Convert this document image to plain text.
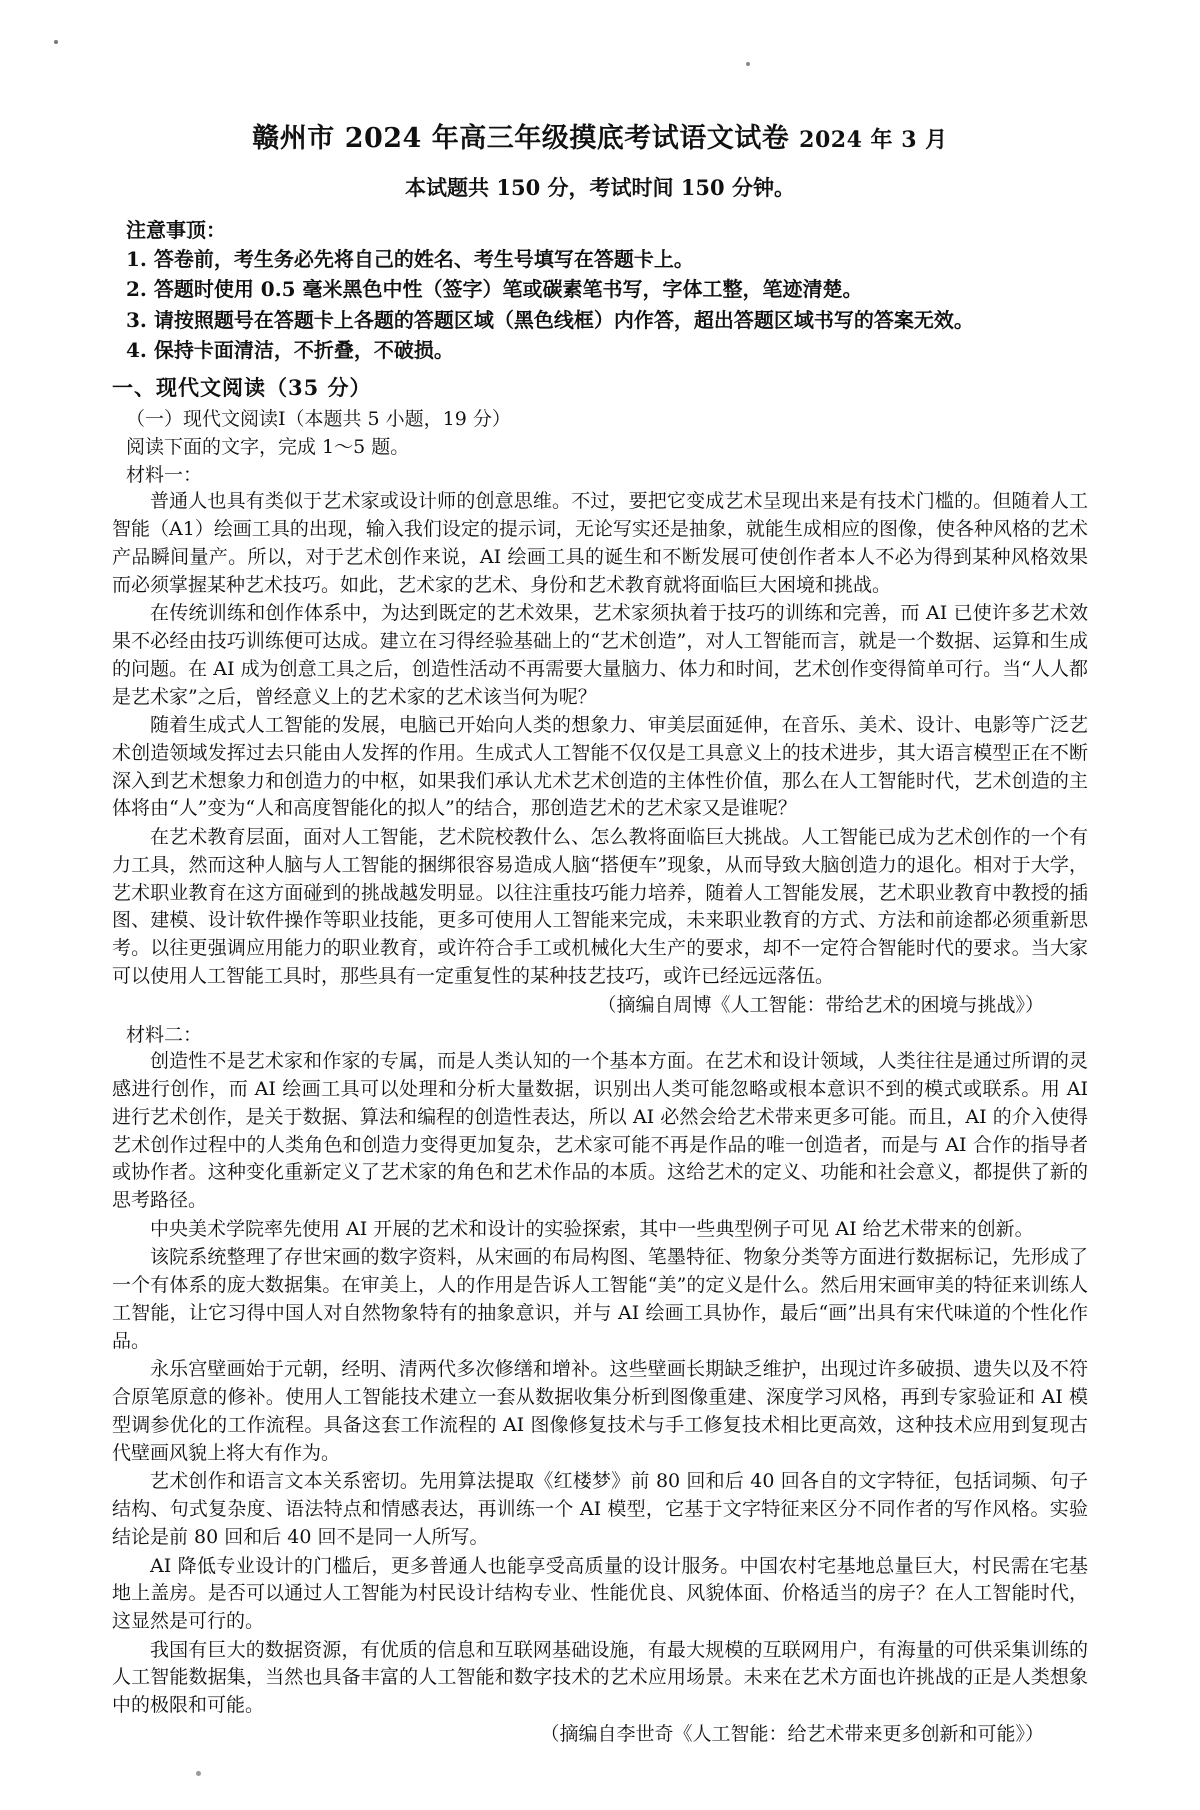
赣州市 2024 年高三年级摸底考试语文试卷 2024 年 3 月
本试题共 150 分，考试时间 150 分钟。
注意事顶：
1. 答卷前，考生务必先将自己的姓名、考生号填写在答题卡上。
2. 答题时使用 0.5 毫米黑色中性（签字）笔或碳素笔书写，字体工整，笔迹清楚。
3. 请按照题号在答题卡上各题的答题区域（黑色线框）内作答，超出答题区域书写的答案无效。
4. 保持卡面清洁，不折叠，不破损。
一、现代文阅读（35 分）
（一）现代文阅读Ⅰ（本题共 5 小题，19 分）
阅读下面的文字，完成 1～5 题。
材料一：

普通人也具有类似于艺术家或设计师的创意思维。不过，要把它变成艺术呈现出来是有技术门槛的。但随着人工智能（A1）绘画工具的出现，输入我们设定的提示词，无论写实还是抽象，就能生成相应的图像，使各种风格的艺术产品瞬间量产。所以，对于艺术创作来说，AI 绘画工具的诞生和不断发展可使创作者本人不必为得到某种风格效果而必须掌握某种艺术技巧。如此，艺术家的艺术、身份和艺术教育就将面临巨大困境和挑战。

在传统训练和创作体系中，为达到既定的艺术效果，艺术家须执着于技巧的训练和完善，而 AI 已使许多艺术效果不必经由技巧训练便可达成。建立在习得经验基础上的“艺术创造”，对人工智能而言，就是一个数据、运算和生成的问题。在 AI 成为创意工具之后，创造性活动不再需要大量脑力、体力和时间，艺术创作变得简单可行。当“人人都是艺术家”之后，曾经意义上的艺术家的艺术该当何为呢？

随着生成式人工智能的发展，电脑已开始向人类的想象力、审美层面延伸，在音乐、美术、设计、电影等广泛艺术创造领域发挥过去只能由人发挥的作用。生成式人工智能不仅仅是工具意义上的技术进步，其大语言模型正在不断深入到艺术想象力和创造力的中枢，如果我们承认尤术艺术创造的主体性价值，那么在人工智能时代，艺术创造的主体将由“人”变为“人和高度智能化的拟人”的结合，那创造艺术的艺术家又是谁呢？

在艺术教育层面，面对人工智能，艺术院校教什么、怎么教将面临巨大挑战。人工智能已成为艺术创作的一个有力工具，然而这种人脑与人工智能的捆绑很容易造成人脑“搭便车”现象，从而导致大脑创造力的退化。相对于大学，艺术职业教育在这方面碰到的挑战越发明显。以往注重技巧能力培养，随着人工智能发展，艺术职业教育中教授的插图、建模、设计软件操作等职业技能，更多可使用人工智能来完成，未来职业教育的方式、方法和前途都必须重新思考。以往更强调应用能力的职业教育，或许符合手工或机械化大生产的要求，却不一定符合智能时代的要求。当大家可以使用人工智能工具时，那些具有一定重复性的某种技艺技巧，或许已经远远落伍。

（摘编自周博《人工智能：带给艺术的困境与挑战》）

材料二：

创造性不是艺术家和作家的专属，而是人类认知的一个基本方面。在艺术和设计领域，人类往往是通过所谓的灵感进行创作，而 AI 绘画工具可以处理和分析大量数据，识别出人类可能忽略或根本意识不到的模式或联系。用 AI 进行艺术创作，是关于数据、算法和编程的创造性表达，所以 AI 必然会给艺术带来更多可能。而且，AI 的介入使得艺术创作过程中的人类角色和创造力变得更加复杂，艺术家可能不再是作品的唯一创造者，而是与 AI 合作的指导者或协作者。这种变化重新定义了艺术家的角色和艺术作品的本质。这给艺术的定义、功能和社会意义，都提供了新的思考路径。

中央美术学院率先使用 AI 开展的艺术和设计的实验探索，其中一些典型例子可见 AI 给艺术带来的创新。

该院系统整理了存世宋画的数字资料，从宋画的布局构图、笔墨特征、物象分类等方面进行数据标记，先形成了一个有体系的庞大数据集。在审美上，人的作用是告诉人工智能“美”的定义是什么。然后用宋画审美的特征来训练人工智能，让它习得中国人对自然物象特有的抽象意识，并与 AI 绘画工具协作，最后“画”出具有宋代味道的个性化作品。

永乐宫壁画始于元朝，经明、清两代多次修缮和增补。这些壁画长期缺乏维护，出现过许多破损、遗失以及不符合原笔原意的修补。使用人工智能技术建立一套从数据收集分析到图像重建、深度学习风格，再到专家验证和 AI 模型调参优化的工作流程。具备这套工作流程的 AI 图像修复技术与手工修复技术相比更高效，这种技术应用到复现古代壁画风貌上将大有作为。

艺术创作和语言文本关系密切。先用算法提取《红楼梦》前 80 回和后 40 回各自的文字特征，包括词频、句子结构、句式复杂度、语法特点和情感表达，再训练一个 AI 模型，它基于文字特征来区分不同作者的写作风格。实验结论是前 80 回和后 40 回不是同一人所写。

AI 降低专业设计的门槛后，更多普通人也能享受高质量的设计服务。中国农村宅基地总量巨大，村民需在宅基地上盖房。是否可以通过人工智能为村民设计结构专业、性能优良、风貌体面、价格适当的房子？在人工智能时代，这显然是可行的。

我国有巨大的数据资源，有优质的信息和互联网基础设施，有最大规模的互联网用户，有海量的可供采集训练的人工智能数据集，当然也具备丰富的人工智能和数字技术的艺术应用场景。未来在艺术方面也许挑战的正是人类想象中的极限和可能。

（摘编自李世奇《人工智能：给艺术带来更多创新和可能》）
